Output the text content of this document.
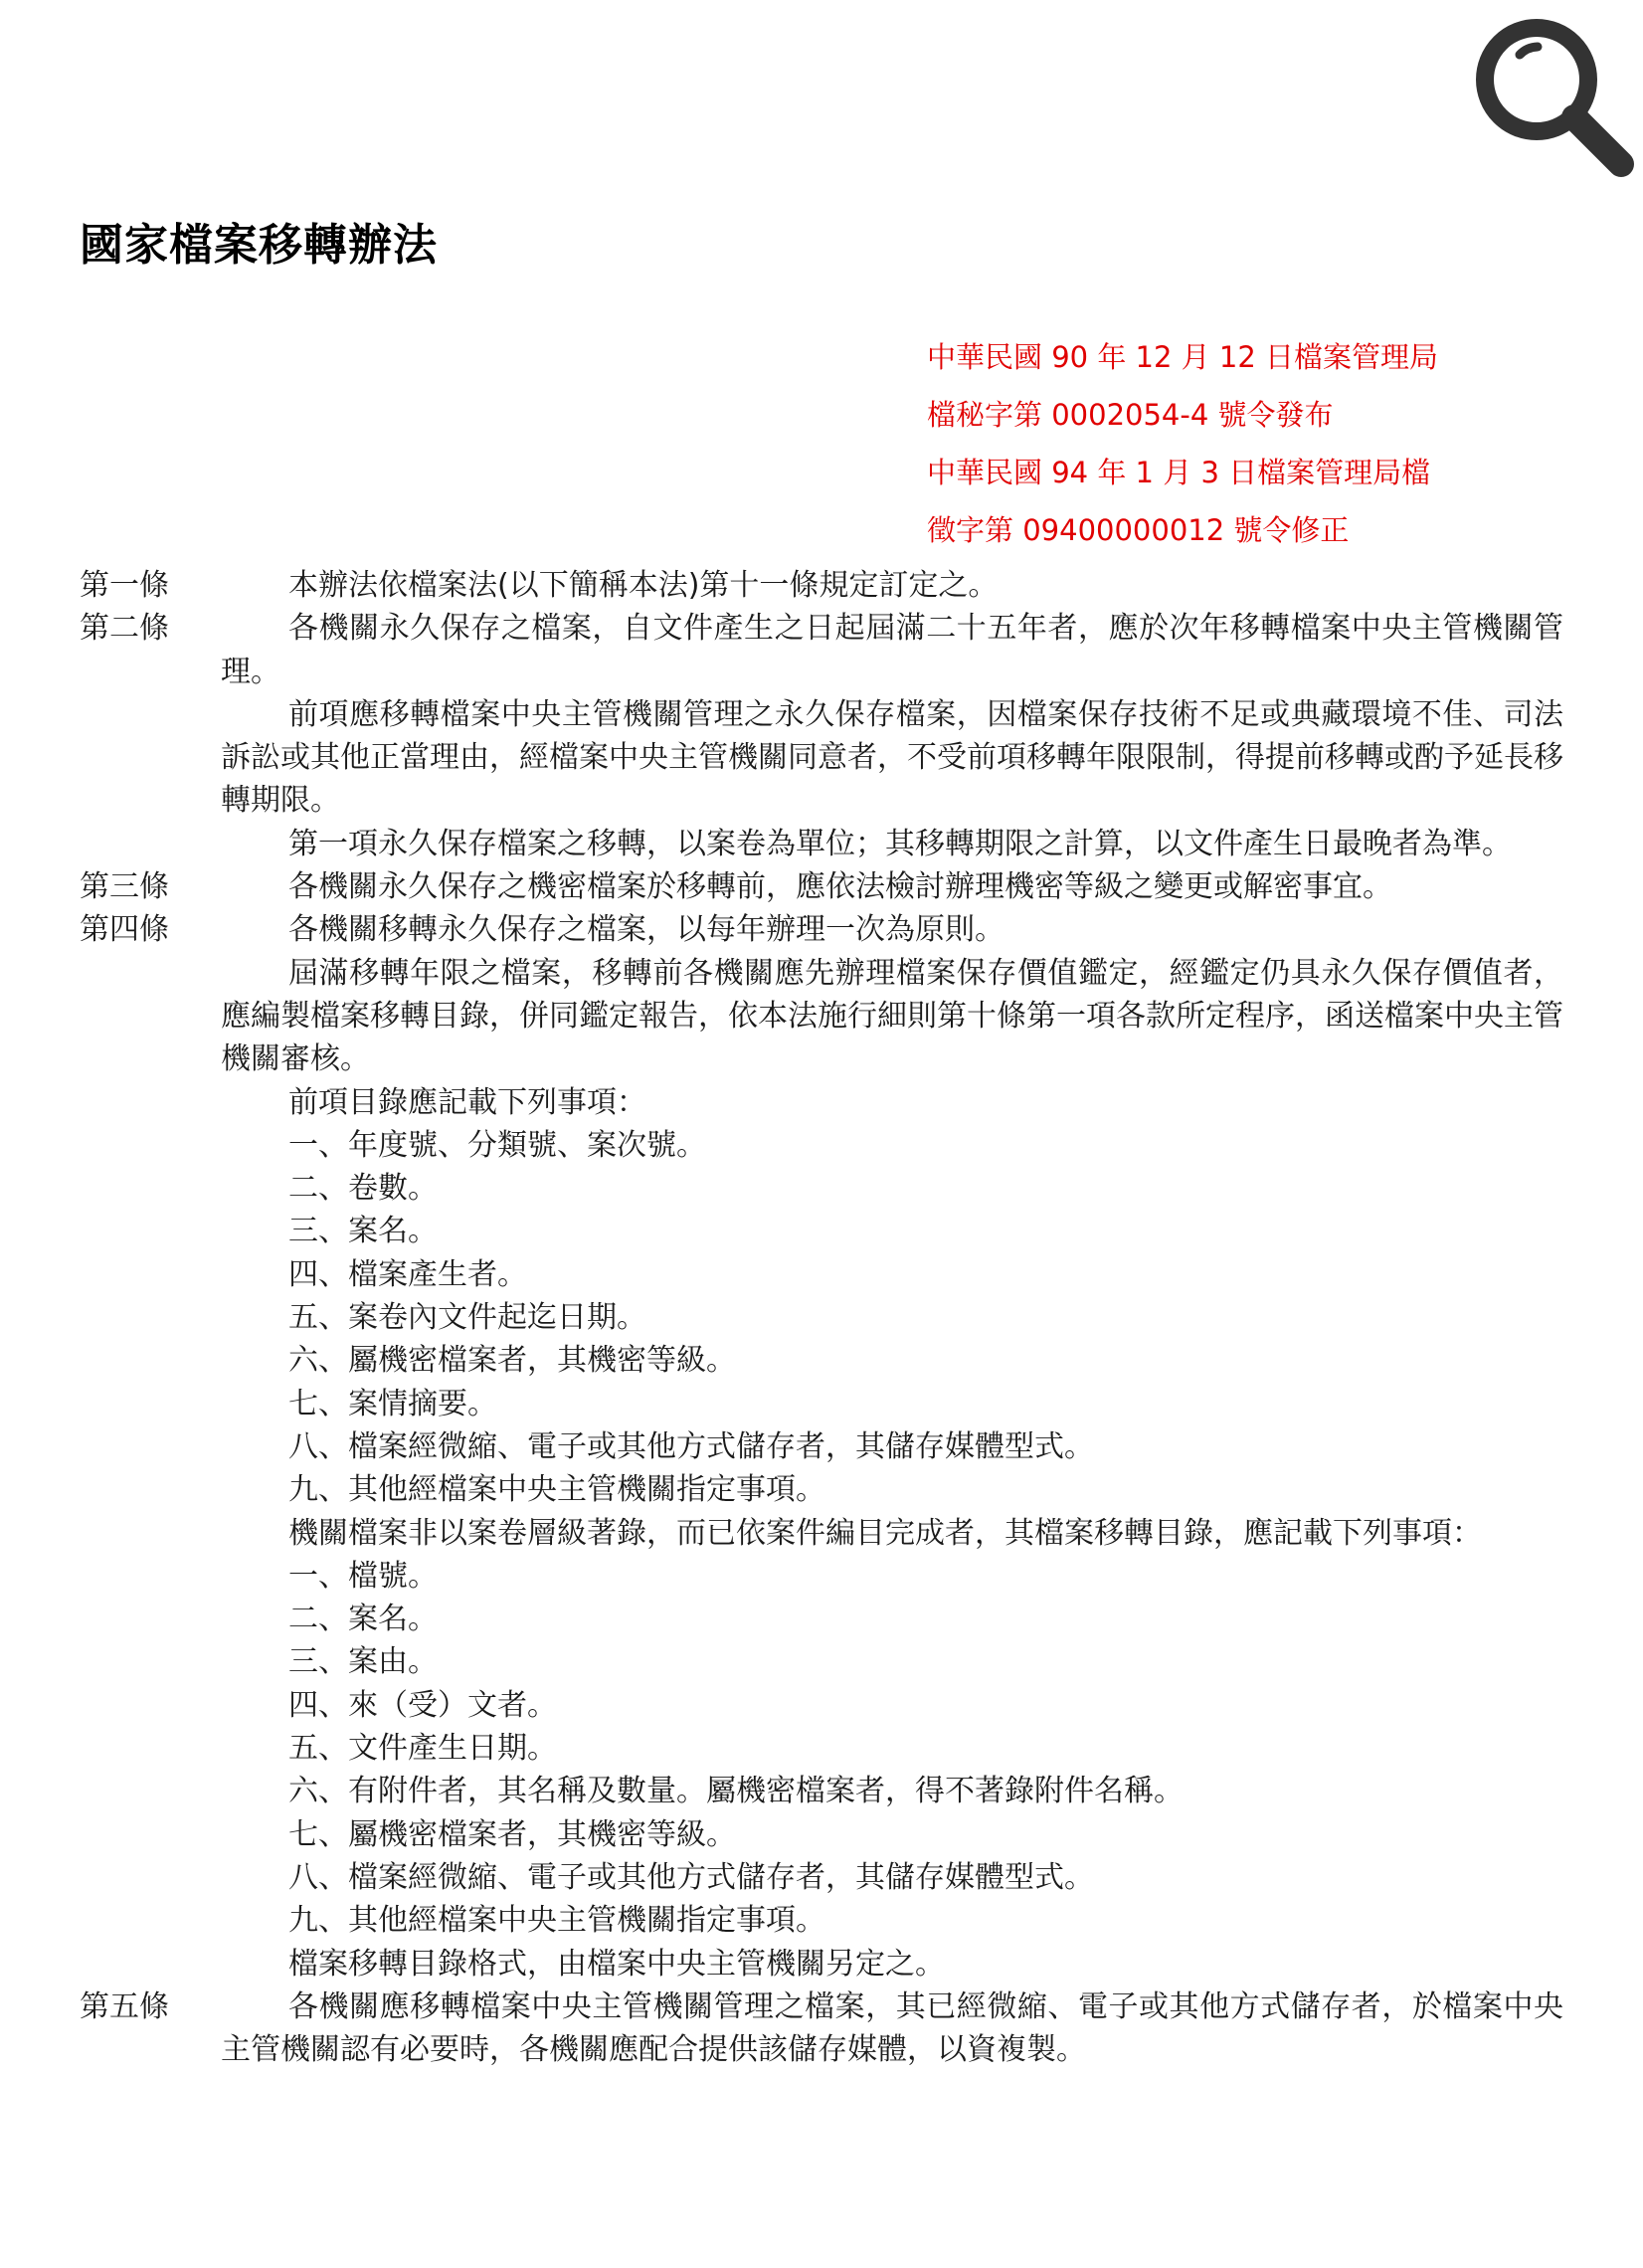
國家檔案移轉辦法
中華民國 90 年 12 月 12 日檔案管理局
檔秘字第 0002054-4 號令發布
中華民國 94 年 1 月 3 日檔案管理局檔
徵字第 09400000012 號令修正
第一條	本辦法依檔案法(以下簡稱本法)第十一條規定訂定之。
第二條	各機關永久保存之檔案，自文件產生之日起屆滿二十五年者，應於次年移轉檔案中央主管機關管理。
前項應移轉檔案中央主管機關管理之永久保存檔案，因檔案保存技術不足或典藏環境不佳、司法訴訟或其他正當理由，經檔案中央主管機關同意者，不受前項移轉年限限制，得提前移轉或酌予延長移轉期限。
第一項永久保存檔案之移轉，以案卷為單位；其移轉期限之計算，以文件產生日最晚者為準。
第三條	各機關永久保存之機密檔案於移轉前，應依法檢討辦理機密等級之變更或解密事宜。
第四條	各機關移轉永久保存之檔案，以每年辦理一次為原則。
屆滿移轉年限之檔案，移轉前各機關應先辦理檔案保存價值鑑定，經鑑定仍具永久保存價值者，應編製檔案移轉目錄，併同鑑定報告，依本法施行細則第十條第一項各款所定程序，函送檔案中央主管機關審核。
前項目錄應記載下列事項：
一、年度號、分類號、案次號。
二、卷數。
三、案名。
四、檔案產生者。
五、案卷內文件起迄日期。
六、屬機密檔案者，其機密等級。
七、案情摘要。
八、檔案經微縮、電子或其他方式儲存者，其儲存媒體型式。
九、其他經檔案中央主管機關指定事項。
機關檔案非以案卷層級著錄，而已依案件編目完成者，其檔案移轉目錄，應記載下列事項：
一、檔號。
二、案名。
三、案由。
四、來（受）文者。
五、文件產生日期。
六、有附件者，其名稱及數量。屬機密檔案者，得不著錄附件名稱。
七、屬機密檔案者，其機密等級。
八、檔案經微縮、電子或其他方式儲存者，其儲存媒體型式。
九、其他經檔案中央主管機關指定事項。
檔案移轉目錄格式，由檔案中央主管機關另定之。
第五條	各機關應移轉檔案中央主管機關管理之檔案，其已經微縮、電子或其他方式儲存者，於檔案中央主管機關認有必要時，各機關應配合提供該儲存媒體，以資複製。
